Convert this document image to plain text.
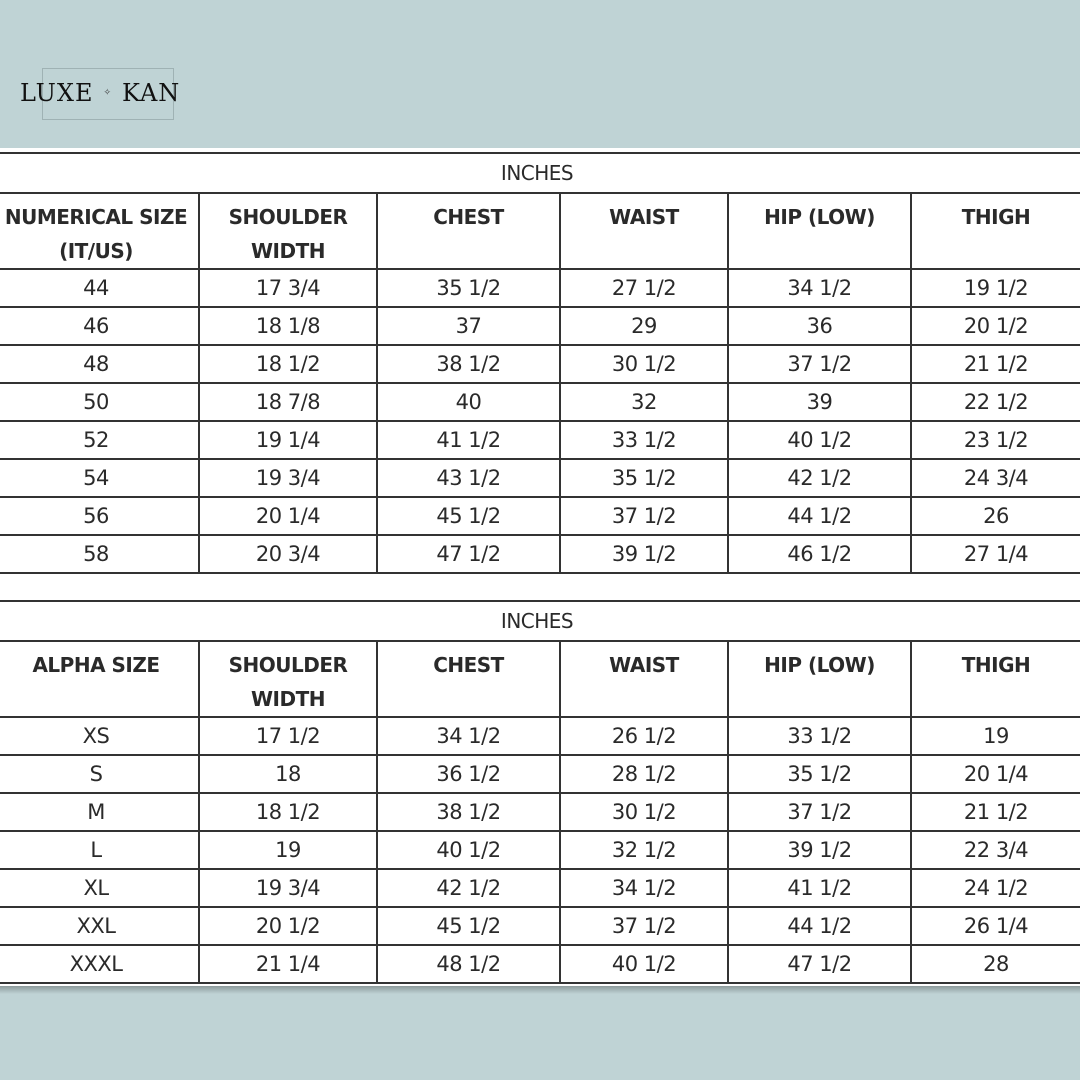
LUXE ✧ KAN
INCHES					
NUMERICAL SIZE (IT/US)	SHOULDER WIDTH	CHEST	WAIST	HIP (LOW)	THIGH
44	17 3/4	35 1/2	27 1/2	34 1/2	19 1/2
46	18 1/8	37	29	36	20 1/2
48	18 1/2	38 1/2	30 1/2	37 1/2	21 1/2
50	18 7/8	40	32	39	22 1/2
52	19 1/4	41 1/2	33 1/2	40 1/2	23 1/2
54	19 3/4	43 1/2	35 1/2	42 1/2	24 3/4
56	20 1/4	45 1/2	37 1/2	44 1/2	26
58	20 3/4	47 1/2	39 1/2	46 1/2	27 1/4
INCHES					
ALPHA SIZE	SHOULDER WIDTH	CHEST	WAIST	HIP (LOW)	THIGH
XS	17 1/2	34 1/2	26 1/2	33 1/2	19
S	18	36 1/2	28 1/2	35 1/2	20 1/4
M	18 1/2	38 1/2	30 1/2	37 1/2	21 1/2
L	19	40 1/2	32 1/2	39 1/2	22 3/4
XL	19 3/4	42 1/2	34 1/2	41 1/2	24 1/2
XXL	20 1/2	45 1/2	37 1/2	44 1/2	26 1/4
XXXL	21 1/4	48 1/2	40 1/2	47 1/2	28
